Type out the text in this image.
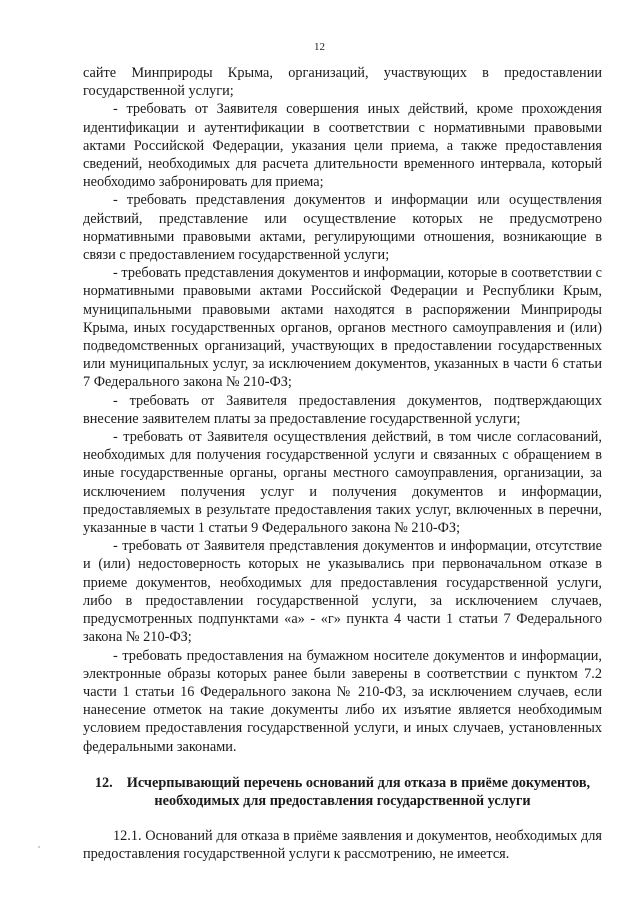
12

сайте Минприроды Крыма, организаций, участвующих в предоставлении государственной услуги;

- требовать от Заявителя совершения иных действий, кроме прохождения идентификации и аутентификации в соответствии с нормативными правовыми актами Российской Федерации, указания цели приема, а также предоставления сведений, необходимых для расчета длительности временного интервала, который необходимо забронировать для приема;

- требовать представления документов и информации или осуществления действий, представление или осуществление которых не предусмотрено нормативными правовыми актами, регулирующими отношения, возникающие в связи с предоставлением государственной услуги;

- требовать представления документов и информации, которые в соответствии с нормативными правовыми актами Российской Федерации и Республики Крым, муниципальными правовыми актами находятся в распоряжении Минприроды Крыма, иных государственных органов, органов местного самоуправления и (или) подведомственных организаций, участвующих в предоставлении государственных или муниципальных услуг, за исключением документов, указанных в части 6 статьи 7 Федерального закона № 210-ФЗ;

- требовать от Заявителя предоставления документов, подтверждающих внесение заявителем платы за предоставление государственной услуги;

- требовать от Заявителя осуществления действий, в том числе согласований, необходимых для получения государственной услуги и связанных с обращением в иные государственные органы, органы местного самоуправления, организации, за исключением получения услуг и получения документов и информации, предоставляемых в результате предоставления таких услуг, включенных в перечни, указанные в части 1 статьи 9 Федерального закона № 210-ФЗ;

- требовать от Заявителя представления документов и информации, отсутствие и (или) недостоверность которых не указывались при первоначальном отказе в приеме документов, необходимых для предоставления государственной услуги, либо в предоставлении государственной услуги, за исключением случаев, предусмотренных подпунктами «а» - «г» пункта 4 части 1 статьи 7 Федерального закона № 210-ФЗ;

- требовать предоставления на бумажном носителе документов и информации, электронные образы которых ранее были заверены в соответствии с пунктом 7.2 части 1 статьи 16 Федерального закона № 210-ФЗ, за исключением случаев, если нанесение отметок на такие документы либо их изъятие является необходимым условием предоставления государственной услуги, и иных случаев, установленных федеральными законами.

12. Исчерпывающий перечень оснований для отказа в приёме документов, необходимых для предоставления государственной услуги

12.1. Оснований для отказа в приёме заявления и документов, необходимых для предоставления государственной услуги к рассмотрению, не имеется.
